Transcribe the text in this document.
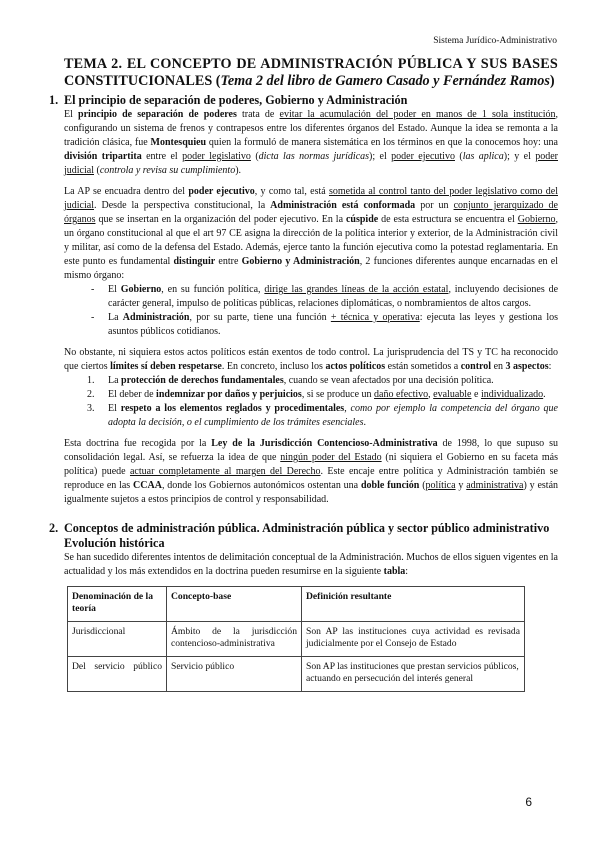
Sistema Jurídico-Administrativo
TEMA 2. EL CONCEPTO DE ADMINISTRACIÓN PÚBLICA Y SUS BASES
CONSTITUCIONALES (Tema 2 del libro de Gamero Casado y Fernández Ramos)
1. El principio de separación de poderes, Gobierno y Administración

El principio de separación de poderes trata de evitar la acumulación del poder en manos de 1 sola institución, configurando un sistema de frenos y contrapesos entre los diferentes órganos del Estado. Aunque la idea se remonta a la tradición clásica, fue Montesquieu quien la formuló de manera sistemática en los términos en que la conocemos hoy: una división tripartita entre el poder legislativo (dicta las normas jurídicas); el poder ejecutivo (las aplica); y el poder judicial (controla y revisa su cumplimiento).

La AP se encuadra dentro del poder ejecutivo, y como tal, está sometida al control tanto del poder legislativo como del judicial. Desde la perspectiva constitucional, la Administración está conformada por un conjunto jerarquizado de órganos que se insertan en la organización del poder ejecutivo. En la cúspide de esta estructura se encuentra el Gobierno, un órgano constitucional al que el art 97 CE asigna la dirección de la política interior y exterior, de la Administración civil y militar, así como de la defensa del Estado. Además, ejerce tanto la función ejecutiva como la potestad reglamentaria. En este punto es fundamental distinguir entre Gobierno y Administración, 2 funciones diferentes aunque encarnadas en el mismo órgano:

- El Gobierno, en su función política, dirige las grandes líneas de la acción estatal, incluyendo decisiones de carácter general, impulso de políticas públicas, relaciones diplomáticas, o nombramientos de altos cargos.
- La Administración, por su parte, tiene una función + técnica y operativa: ejecuta las leyes y gestiona los asuntos públicos cotidianos.

No obstante, ni siquiera estos actos políticos están exentos de todo control. La jurisprudencia del TS y TC ha reconocido que ciertos límites sí deben respetarse. En concreto, incluso los actos políticos están sometidos a control en 3 aspectos:

1. La protección de derechos fundamentales, cuando se vean afectados por una decisión política.
2. El deber de indemnizar por daños y perjuicios, si se produce un daño efectivo, evaluable e individualizado.
3. El respeto a los elementos reglados y procedimentales, como por ejemplo la competencia del órgano que adopta la decisión, o el cumplimiento de los trámites esenciales.

Esta doctrina fue recogida por la Ley de la Jurisdicción Contencioso-Administrativa de 1998, lo que supuso su consolidación legal. Así, se refuerza la idea de que ningún poder del Estado (ni siquiera el Gobierno en su faceta más política) puede actuar completamente al margen del Derecho. Este encaje entre política y Administración también se reproduce en las CCAA, donde los Gobiernos autonómicos ostentan una doble función (política y administrativa) y están igualmente sujetos a estos principios de control y responsabilidad.

2. Conceptos de administración pública. Administración pública y sector público administrativo
Evolución histórica

Se han sucedido diferentes intentos de delimitación conceptual de la Administración. Muchos de ellos siguen vigentes en la actualidad y los más extendidos en la doctrina pueden resumirse en la siguiente tabla:

Denominación de la teoría	Concepto-base	Definición resultante
Jurisdiccional	Ámbito de la jurisdicción contencioso-administrativa	Son AP las instituciones cuya actividad es revisada judicialmente por el Consejo de Estado
Del servicio público	Servicio público	Son AP las instituciones que prestan servicios públicos, actuando en persecución del interés general
6
